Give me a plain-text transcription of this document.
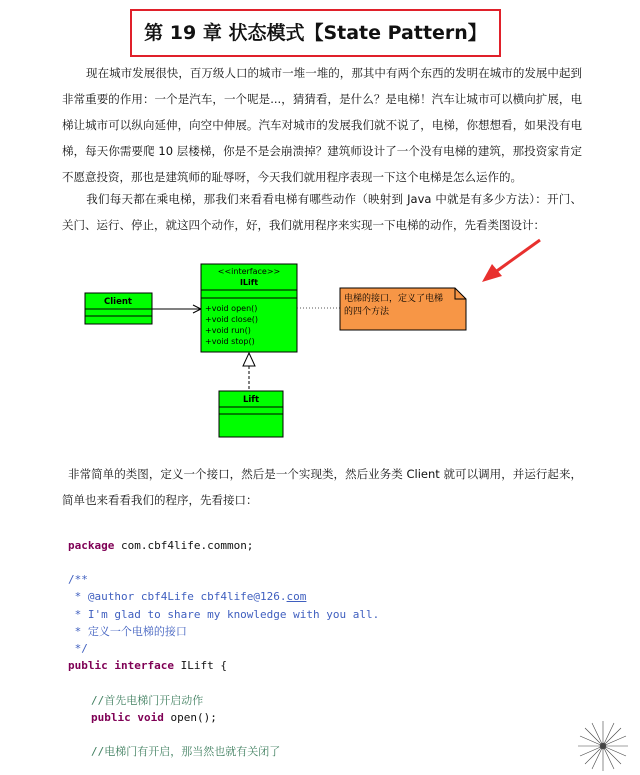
第 19 章 状态模式【State Pattern】
现在城市发展很快，百万级人口的城市一堆一堆的，那其中有两个东西的发明在城市的发展中起到非常重要的作用：一个是汽车，一个呢是...，猜猜看，是什么？是电梯！汽车让城市可以横向扩展，电梯让城市可以纵向延伸，向空中伸展。汽车对城市的发展我们就不说了，电梯，你想想看，如果没有电梯，每天你需要爬 10 层楼梯，你是不是会崩溃掉？建筑师设计了一个没有电梯的建筑，那投资家肯定不愿意投资，那也是建筑师的耻辱呀，今天我们就用程序表现一下这个电梯是怎么运作的。
我们每天都在乘电梯，那我们来看看电梯有哪些动作（映射到 Java 中就是有多少方法）：开门、关门、运行、停止，就这四个动作，好，我们就用程序来实现一下电梯的动作，先看类图设计：
Client
<<interface>>
ILift
+void open()
+void close()
+void run()
+void stop()
电梯的接口，定义了电梯
的四个方法
Lift
非常简单的类图，定义一个接口，然后是一个实现类，然后业务类 Client 就可以调用，并运行起来，简单也来看看我们的程序，先看接口：
package com.cbf4life.common;
/**
* @author cbf4Life cbf4life@126.com
* I'm glad to share my knowledge with you all.
* 定义一个电梯的接口
*/
public interface ILift {
//首先电梯门开启动作
public void open();
//电梯门有开启，那当然也就有关闭了
